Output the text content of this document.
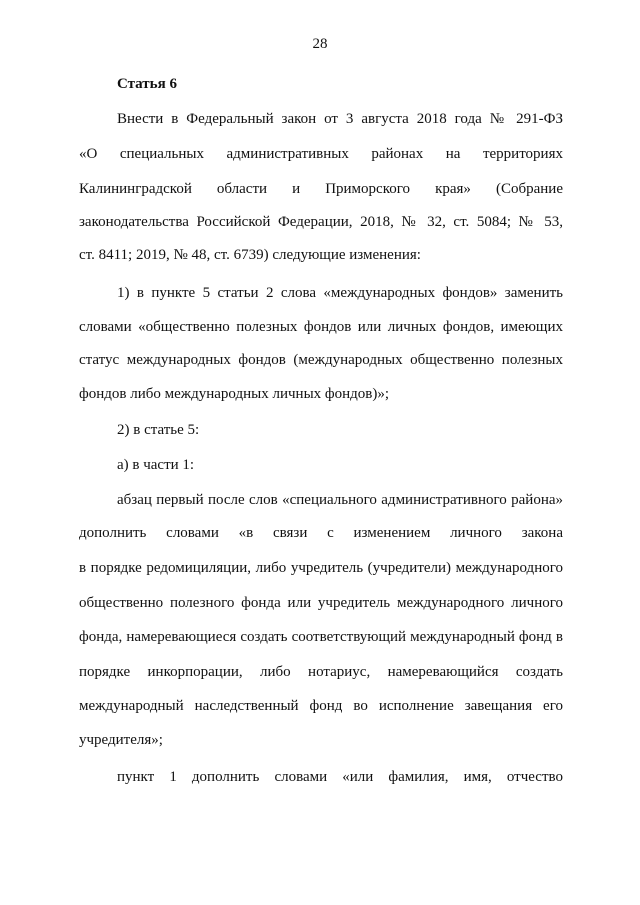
28
Статья 6
Внести в Федеральный закон от 3 августа 2018 года № 291-ФЗ
«О специальных административных районах на территориях
Калининградской области и Приморского края» (Собрание
законодательства Российской Федерации, 2018, № 32, ст. 5084; № 53,
ст. 8411; 2019, № 48, ст. 6739) следующие изменения:
1) в пункте 5 статьи 2 слова «международных фондов» заменить
словами «общественно полезных фондов или личных фондов, имеющих
статус международных фондов (международных общественно полезных
фондов либо международных личных фондов)»;
2) в статье 5:
а) в части 1:
абзац первый после слов «специального административного района»
дополнить словами «в связи с изменением личного закона
в порядке редомициляции, либо учредитель (учредители) международного
общественно полезного фонда или учредитель международного личного
фонда, намеревающиеся создать соответствующий международный фонд в
порядке инкорпорации, либо нотариус, намеревающийся создать
международный наследственный фонд во исполнение завещания его
учредителя»;
пункт 1 дополнить словами «или фамилия, имя, отчество
